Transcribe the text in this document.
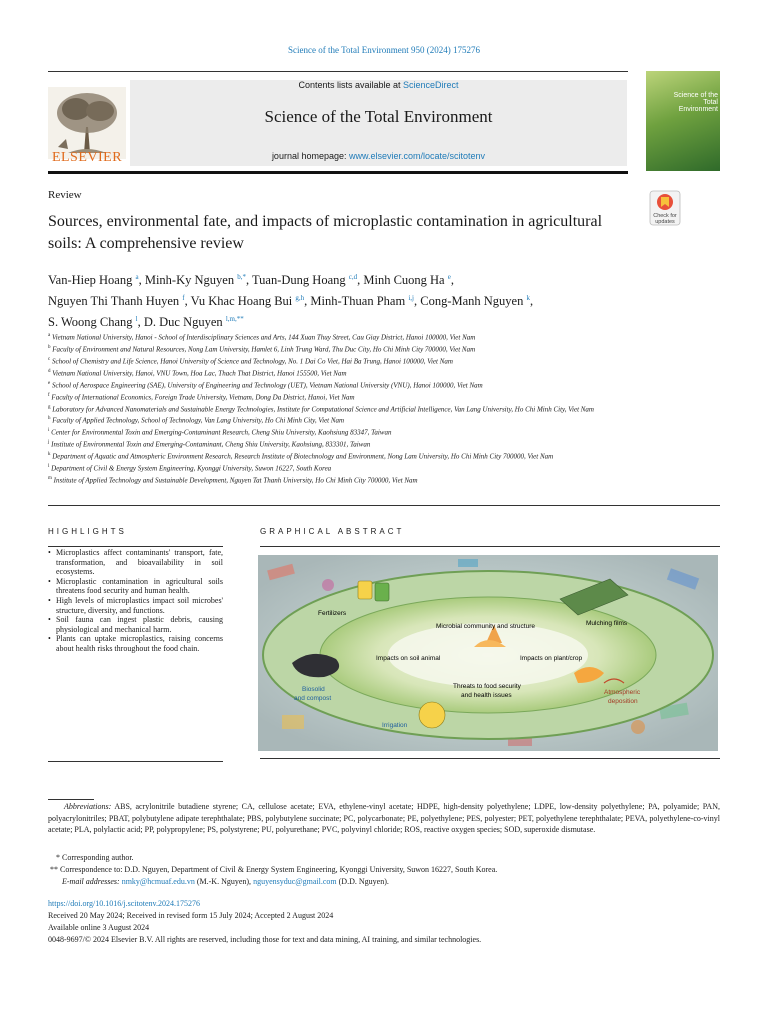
Science of the Total Environment 950 (2024) 175276
ELSEVIER
Contents lists available at ScienceDirect
Science of the Total Environment
journal homepage: www.elsevier.com/locate/scitotenv
Science of the Total Environment
Review
Sources, environmental fate, and impacts of microplastic contamination in agricultural soils: A comprehensive review
Check for updates
Van-Hiep Hoang $^a$, Minh-Ky Nguyen $^{b,*}$, Tuan-Dung Hoang $^{c,d}$, Minh Cuong Ha $^e$,
Nguyen Thi Thanh Huyen $^f$, Vu Khac Hoang Bui $^{g,h}$, Minh-Thuan Pham $^{i,j}$, Cong-Manh Nguyen $^k$,
S. Woong Chang $^l$, D. Duc Nguyen $^{l,m,**}$
$^a$ Vietnam National University, Hanoi - School of Interdisciplinary Sciences and Arts, 144 Xuan Thuy Street, Cau Giay District, Hanoi 100000, Viet Nam
$^b$ Faculty of Environment and Natural Resources, Nong Lam University, Hamlet 6, Linh Trung Ward, Thu Duc City, Ho Chi Minh City 700000, Viet Nam
$^c$ School of Chemistry and Life Science, Hanoi University of Science and Technology, No. 1 Dai Co Viet, Hai Ba Trung, Hanoi 100000, Viet Nam
$^d$ Vietnam National University, Hanoi, VNU Town, Hoa Lac, Thach That District, Hanoi 155500, Viet Nam
$^e$ School of Aerospace Engineering (SAE), University of Engineering and Technology (UET), Vietnam National University (VNU), Hanoi 100000, Viet Nam
$^f$ Faculty of International Economics, Foreign Trade University, Vietnam, Dong Da District, Hanoi, Viet Nam
$^g$ Laboratory for Advanced Nanomaterials and Sustainable Energy Technologies, Institute for Computational Science and Artificial Intelligence, Van Lang University, Ho Chi Minh City, Viet Nam
$^h$ Faculty of Applied Technology, School of Technology, Van Lang University, Ho Chi Minh City, Viet Nam
$^i$ Center for Environmental Toxin and Emerging-Contaminant Research, Cheng Shiu University, Kaohsiung 83347, Taiwan
$^j$ Institute of Environmental Toxin and Emerging-Contaminant, Cheng Shiu University, Kaohsiung, 833301, Taiwan
$^k$ Department of Aquatic and Atmospheric Environment Research, Research Institute of Biotechnology and Environment, Nong Lam University, Ho Chi Minh City 700000, Viet Nam
$^l$ Department of Civil & Energy System Engineering, Kyonggi University, Suwon 16227, South Korea
$^m$ Institute of Applied Technology and Sustainable Development, Nguyen Tat Thanh University, Ho Chi Minh City 700000, Viet Nam
HIGHLIGHTS
• Microplastics affect contaminants' transport, fate, transformation, and bioavailability in soil ecosystems.
• Microplastic contamination in agricultural soils threatens food security and human health.
• High levels of microplastics impact soil microbes' structure, diversity, and functions.
• Soil fauna can ingest plastic debris, causing physiological and mechanical harm.
• Plants can uptake microplastics, raising concerns about health risks throughout the food chain.
GRAPHICAL ABSTRACT
Fertilizers
Mulching films
Microbial community and structure
Impacts on soil animal	Impacts on plant/crop
Biosolid
and compost
Threats to food security
and health issues	Atmospheric
deposition
Irrigation
Abbreviations: ABS, acrylonitrile butadiene styrene; CA, cellulose acetate; EVA, ethylene-vinyl acetate; HDPE, high-density polyethylene; LDPE, low-density polyethylene; PA, polyamide; PAN, polyacrylonitriles; PBAT, polybutylene adipate terephthalate; PBS, polybutylene succinate; PC, polycarbonate; PE, polyethylene; PES, polyester; PET, polyethylene terephthalate; PEVA, polyethylene-co-vinyl acetate; PLA, polylactic acid; PP, polypropylene; PS, polystyrene; PU, polyurethane; PVC, polyvinyl chloride; ROS, reactive oxygen species; SOD, superoxide dismutase.
* Corresponding author.
** Correspondence to: D.D. Nguyen, Department of Civil & Energy System Engineering, Kyonggi University, Suwon 16227, South Korea.
E-mail addresses: nmky@hcmuaf.edu.vn (M.-K. Nguyen), nguyensyduc@gmail.com (D.D. Nguyen).
https://doi.org/10.1016/j.scitotenv.2024.175276
Received 20 May 2024; Received in revised form 15 July 2024; Accepted 2 August 2024
Available online 3 August 2024
0048-9697/© 2024 Elsevier B.V. All rights are reserved, including those for text and data mining, AI training, and similar technologies.
